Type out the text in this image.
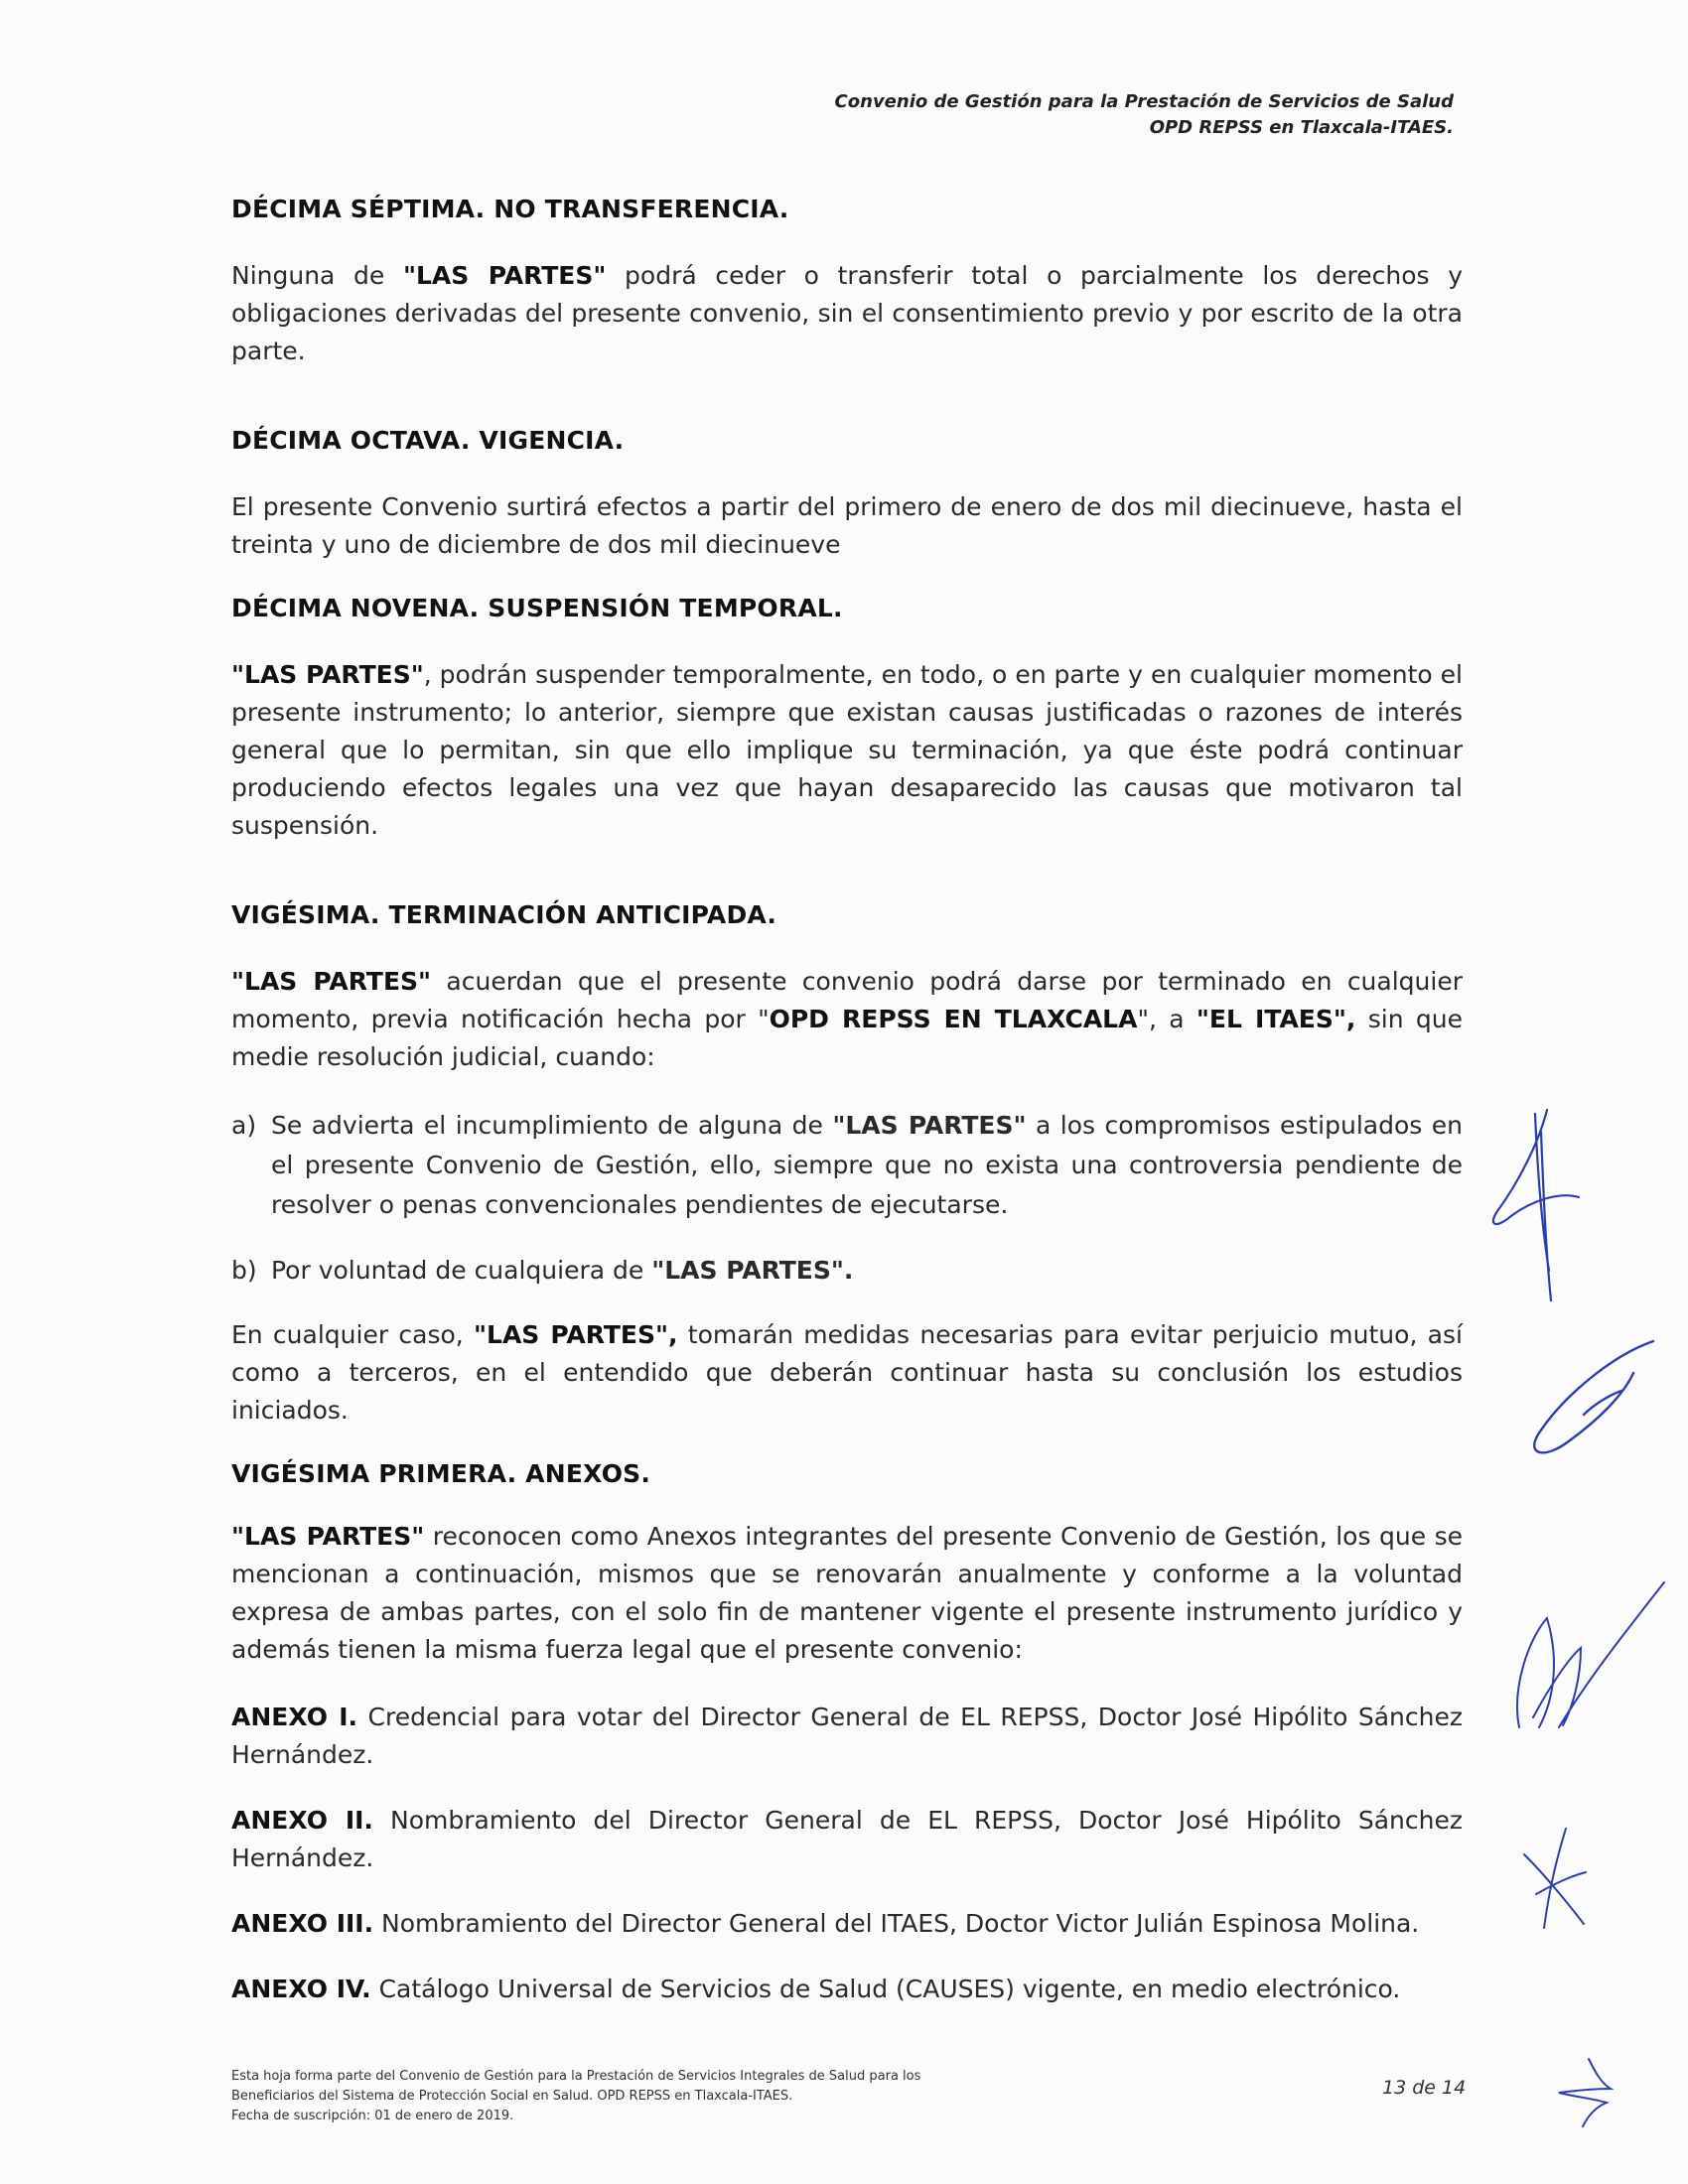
Convenio de Gestión para la Prestación de Servicios de Salud
OPD REPSS en Tlaxcala-ITAES.
DÉCIMA SÉPTIMA. NO TRANSFERENCIA.
Ninguna de "LAS PARTES" podrá ceder o transferir total o parcialmente los derechos y obligaciones derivadas del presente convenio, sin el consentimiento previo y por escrito de la otra parte.
DÉCIMA OCTAVA. VIGENCIA.
El presente Convenio surtirá efectos a partir del primero de enero de dos mil diecinueve, hasta el treinta y uno de diciembre de dos mil diecinueve
DÉCIMA NOVENA. SUSPENSIÓN TEMPORAL.
"LAS PARTES", podrán suspender temporalmente, en todo, o en parte y en cualquier momento el presente instrumento; lo anterior, siempre que existan causas justificadas o razones de interés general que lo permitan, sin que ello implique su terminación, ya que éste podrá continuar produciendo efectos legales una vez que hayan desaparecido las causas que motivaron tal suspensión.
VIGÉSIMA. TERMINACIÓN ANTICIPADA.
"LAS PARTES" acuerdan que el presente convenio podrá darse por terminado en cualquier momento, previa notificación hecha por "OPD REPSS EN TLAXCALA", a "EL ITAES", sin que medie resolución judicial, cuando:
a) Se advierta el incumplimiento de alguna de "LAS PARTES" a los compromisos estipulados en el presente Convenio de Gestión, ello, siempre que no exista una controversia pendiente de resolver o penas convencionales pendientes de ejecutarse.
b) Por voluntad de cualquiera de "LAS PARTES".
En cualquier caso, "LAS PARTES", tomarán medidas necesarias para evitar perjuicio mutuo, así como a terceros, en el entendido que deberán continuar hasta su conclusión los estudios iniciados.
VIGÉSIMA PRIMERA. ANEXOS.
"LAS PARTES" reconocen como Anexos integrantes del presente Convenio de Gestión, los que se mencionan a continuación, mismos que se renovarán anualmente y conforme a la voluntad expresa de ambas partes, con el solo fin de mantener vigente el presente instrumento jurídico y además tienen la misma fuerza legal que el presente convenio:
ANEXO I. Credencial para votar del Director General de EL REPSS, Doctor José Hipólito Sánchez Hernández.
ANEXO II. Nombramiento del Director General de EL REPSS, Doctor José Hipólito Sánchez Hernández.
ANEXO III. Nombramiento del Director General del ITAES, Doctor Victor Julián Espinosa Molina.
ANEXO IV. Catálogo Universal de Servicios de Salud (CAUSES) vigente, en medio electrónico.
Esta hoja forma parte del Convenio de Gestión para la Prestación de Servicios Integrales de Salud para los
Beneficiarios del Sistema de Protección Social en Salud. OPD REPSS en Tlaxcala-ITAES.
Fecha de suscripción: 01 de enero de 2019.
13 de 14
